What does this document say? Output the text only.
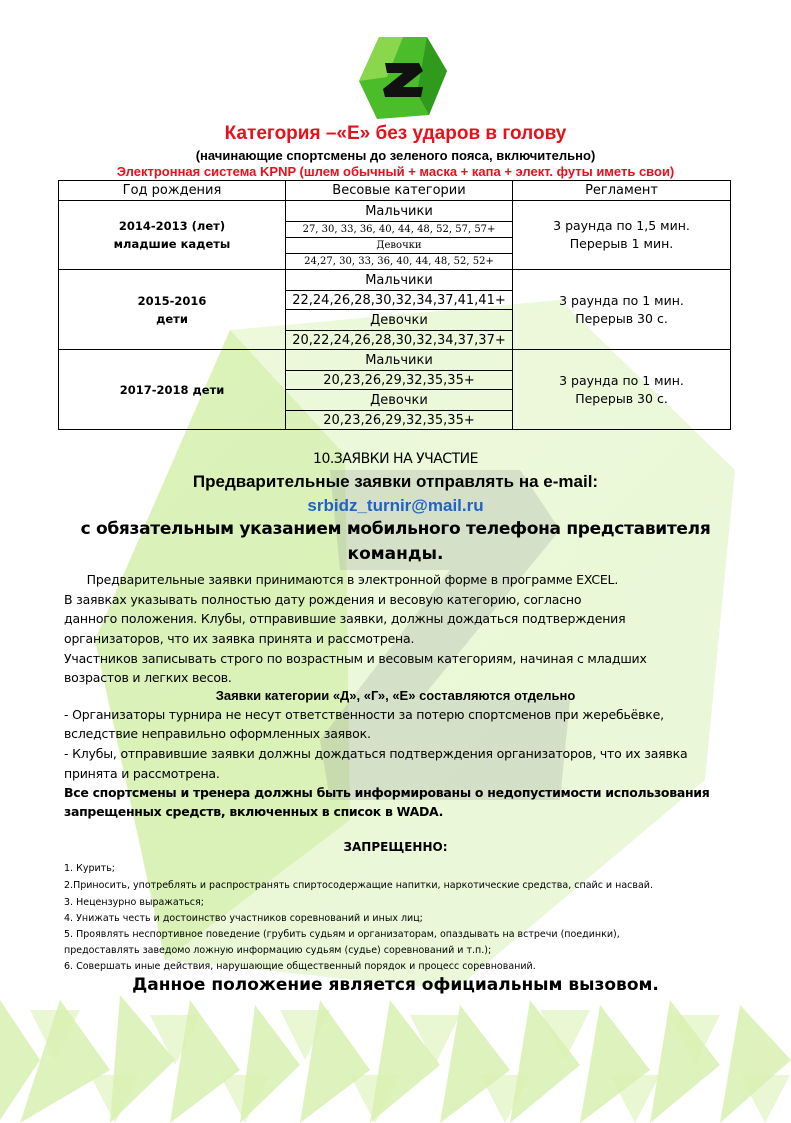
Категория –«Е» без ударов в голову

(начинающие спортсмены до зеленого пояса, включительно)

Электронная система KPNP (шлем обычный + маска + капа + элект. футы иметь свои)

Год рождения	Весовые категории	Регламент
2014-2013 (лет)
младшие кадеты	Мальчики	3 раунда по 1,5 мин.
Перерыв 1 мин.
	27, 30, 33, 36, 40, 44, 48, 52, 57, 57+	
	Девочки	
	24,27, 30, 33, 36, 40, 44, 48, 52, 52+	
2015-2016
дети	Мальчики	3 раунда по 1 мин.
Перерыв 30 с.
	22,24,26,28,30,32,34,37,41,41+	
	Девочки	
	20,22,24,26,28,30,32,34,37,37+	
2017-2018 дети	Мальчики	3 раунда по 1 мин.
Перерыв 30 с.
	20,23,26,29,32,35,35+	
	Девочки	
	20,23,26,29,32,35,35+	

10.ЗАЯВКИ НА УЧАСТИЕ

Предварительные заявки отправлять на e-mail:

srbidz_turnir@mail.ru

с обязательным указанием мобильного телефона представителя

команды.

Предварительные заявки принимаются в электронной форме в программе EXCEL.

В заявках указывать полностью дату рождения и весовую категорию, согласно

данного положения. Клубы, отправившие заявки, должны дождаться подтверждения

организаторов, что их заявка принята и рассмотрена.

Участников записывать строго по возрастным и весовым категориям, начиная с младших

возрастов и легких весов.

Заявки категории «Д», «Г», «Е» составляются отдельно

- Организаторы турнира не несут ответственности за потерю спортсменов при жеребьёвке,

вследствие неправильно оформленных заявок.

- Клубы, отправившие заявки должны дождаться подтверждения организаторов, что их заявка

принята и рассмотрена.

Все спортсмены и тренера должны быть информированы о недопустимости использования

запрещенных средств, включенных в список в WADA.

ЗАПРЕЩЕННО:

1. Курить;

2.Приносить, употреблять и распространять спиртосодержащие напитки, наркотические средства, спайс и насвай.

3. Нецензурно выражаться;

4. Унижать честь и достоинство участников соревнований и иных лиц;

5. Проявлять неспортивное поведение (грубить судьям и организаторам, опаздывать на встречи (поединки),

предоставлять заведомо ложную информацию судьям (судье) соревнований и т.п.);

6. Совершать иные действия, нарушающие общественный порядок и процесс соревнований.

Данное положение является официальным вызовом.
